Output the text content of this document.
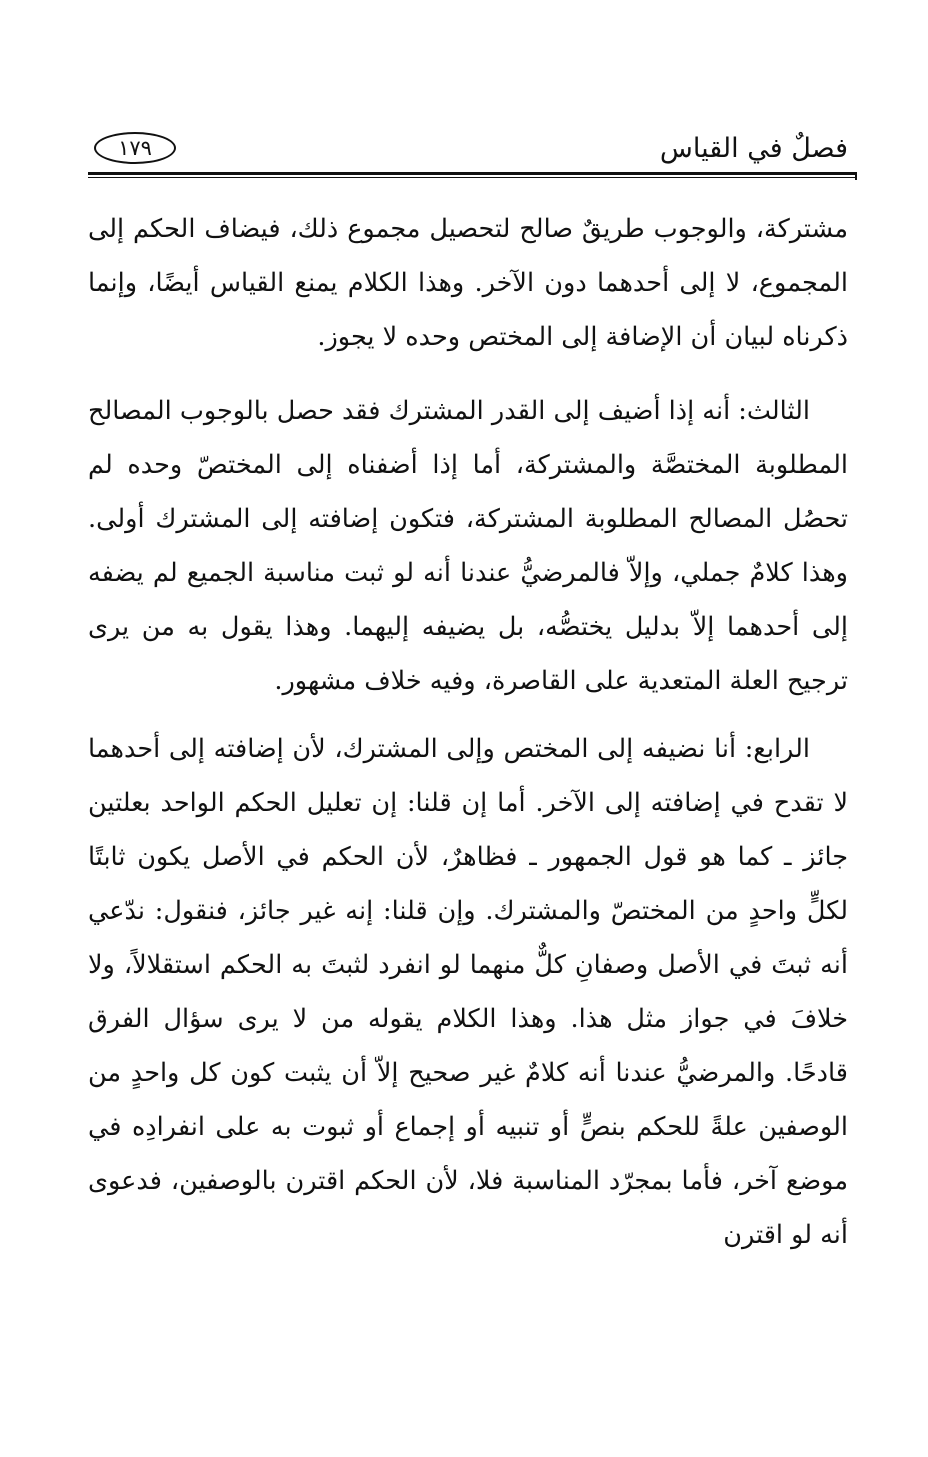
فصلٌ في القياس
١٧٩

مشتركة، والوجوب طريقٌ صالح لتحصيل مجموع ذلك، فيضاف الحكم إلى المجموع، لا إلى أحدهما دون الآخر. وهذا الكلام يمنع القياس أيضًا، وإنما ذكرناه لبيان أن الإضافة إلى المختص وحده لا يجوز.

الثالث: أنه إذا أضيف إلى القدر المشترك فقد حصل بالوجوب المصالح المطلوبة المختصَّة والمشتركة، أما إذا أضفناه إلى المختصّ وحده لم تحصُل المصالح المطلوبة المشتركة، فتكون إضافته إلى المشترك أولى. وهذا كلامٌ جملي، وإلاّ فالمرضيُّ عندنا أنه لو ثبت مناسبة الجميع لم يضفه إلى أحدهما إلاّ بدليل يختصُّه، بل يضيفه إليهما. وهذا يقول به من يرى ترجيح العلة المتعدية على القاصرة، وفيه خلاف مشهور.

الرابع: أنا نضيفه إلى المختص وإلى المشترك، لأن إضافته إلى أحدهما لا تقدح في إضافته إلى الآخر. أما إن قلنا: إن تعليل الحكم الواحد بعلتين جائز ـ كما هو قول الجمهور ـ فظاهرٌ، لأن الحكم في الأصل يكون ثابتًا لكلٍّ واحدٍ من المختصّ والمشترك. وإن قلنا: إنه غير جائز، فنقول: ندّعي أنه ثبتَ في الأصل وصفانِ كلٌّ منهما لو انفرد لثبتَ به الحكم استقلالاً، ولا خلافَ في جواز مثل هذا. وهذا الكلام يقوله من لا يرى سؤال الفرق قادحًا. والمرضيُّ عندنا أنه كلامٌ غير صحيح إلاّ أن يثبت كون كل واحدٍ من الوصفين علةً للحكم بنصٍّ أو تنبيه أو إجماع أو ثبوت به على انفرادِه في موضع آخر، فأما بمجرّد المناسبة فلا، لأن الحكم اقترن بالوصفين، فدعوى أنه لو اقترن
